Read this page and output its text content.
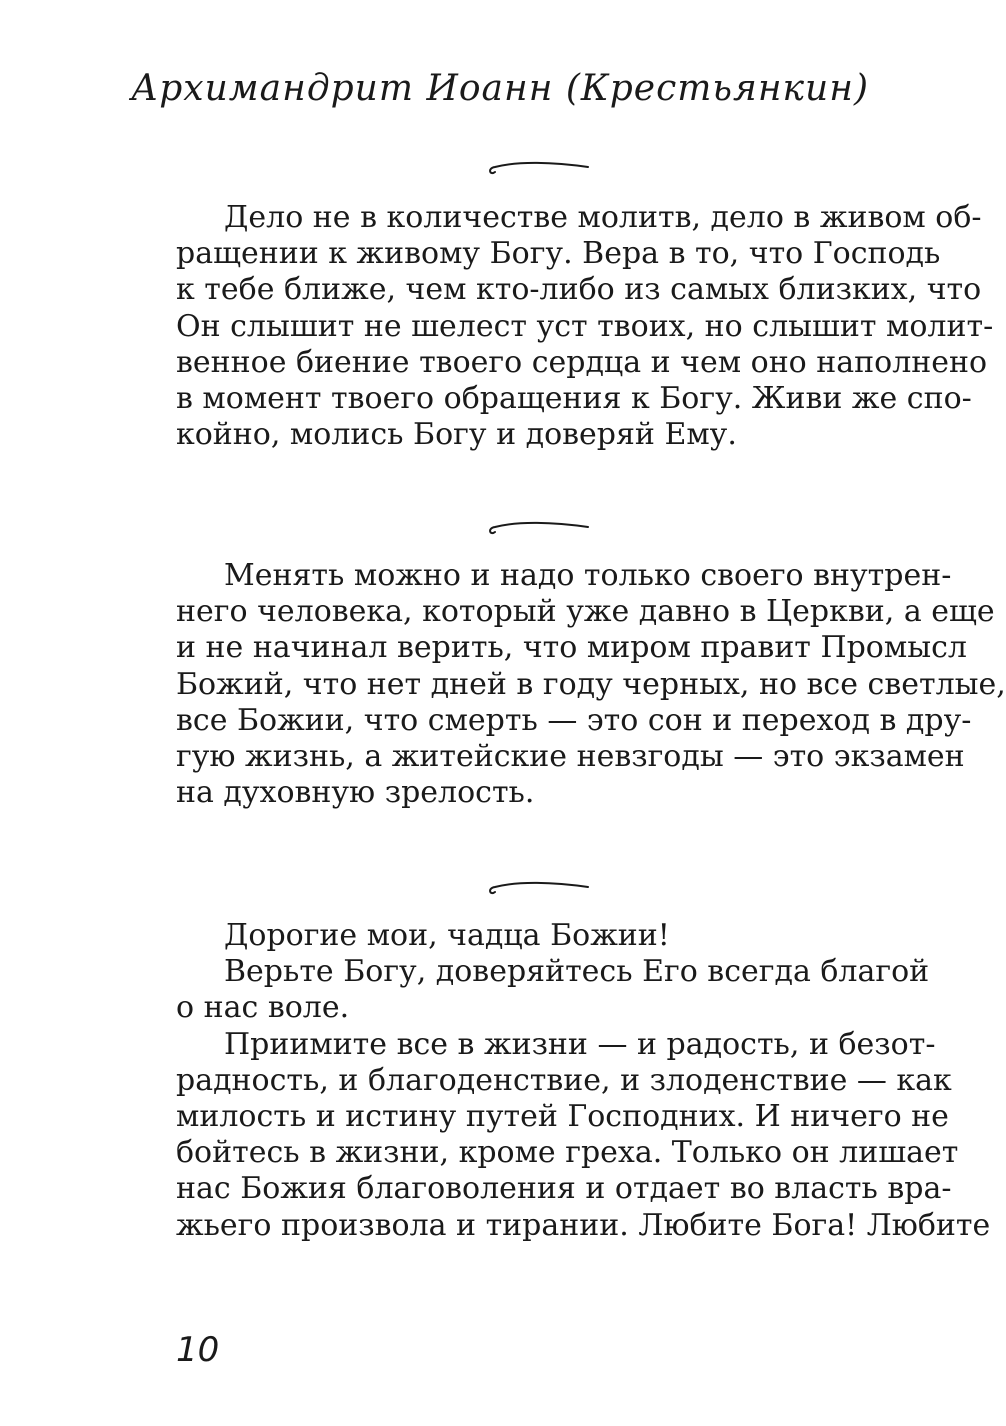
Архимандрит Иоанн (Крестьянкин)
Дело не в количестве молитв, дело в живом об-
ращении к живому Богу. Вера в то, что Господь
к тебе ближе, чем кто-либо из самых близких, что
Он слышит не шелест уст твоих, но слышит молит-
венное биение твоего сердца и чем оно наполнено
в момент твоего обращения к Богу. Живи же спо-
койно, молись Богу и доверяй Ему.
Менять можно и надо только своего внутрен-
него человека, который уже давно в Церкви, а еще
и не начинал верить, что миром правит Промысл
Божий, что нет дней в году черных, но все светлые,
все Божии, что смерть — это сон и переход в дру-
гую жизнь, а житейские невзгоды — это экзамен
на духовную зрелость.
Дорогие мои, чадца Божии!
Верьте Богу, доверяйтесь Его всегда благой
о нас воле.
Приимите все в жизни — и радость, и безот-
радность, и благоденствие, и злоденствие — как
милость и истину путей Господних. И ничего не
бойтесь в жизни, кроме греха. Только он лишает
нас Божия благоволения и отдает во власть вра-
жьего произвола и тирании. Любите Бога! Любите
10
